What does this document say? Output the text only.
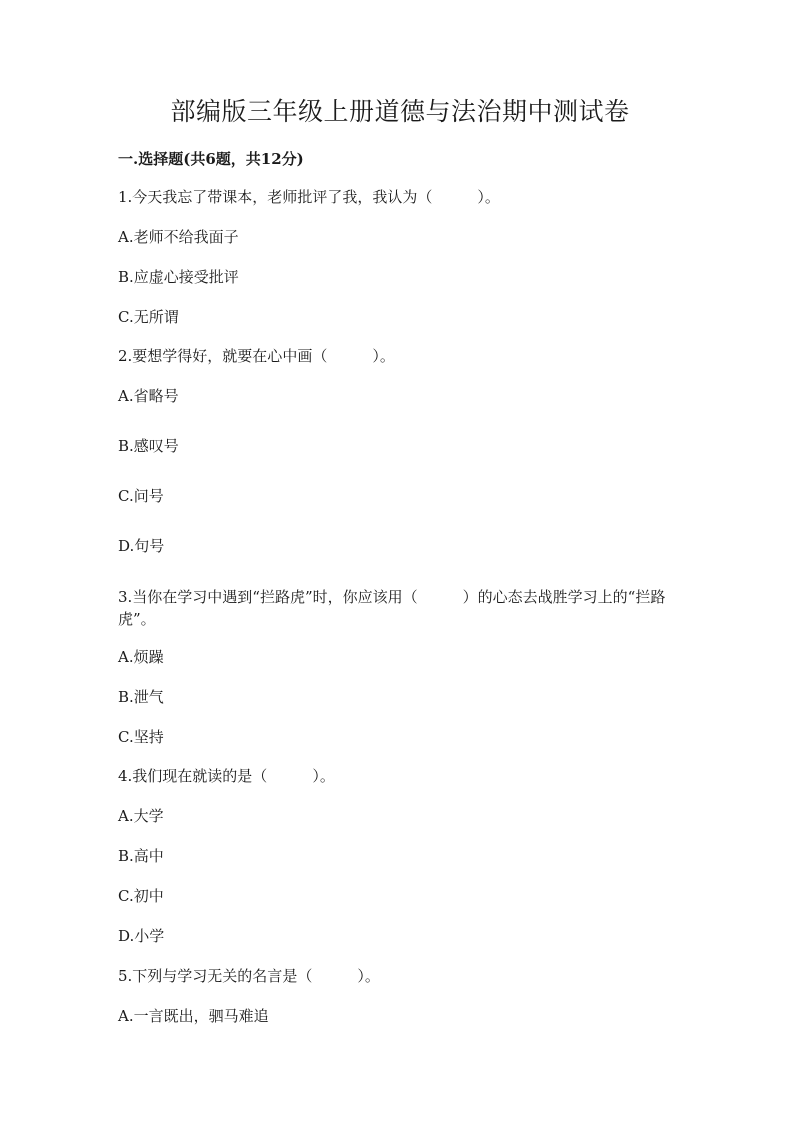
部编版三年级上册道德与法治期中测试卷
一.选择题(共6题，共12分)
1.今天我忘了带课本，老师批评了我，我认为（　　　）。
A.老师不给我面子
B.应虚心接受批评
C.无所谓
2.要想学得好，就要在心中画（　　　）。
A.省略号
B.感叹号
C.问号
D.句号
3.当你在学习中遇到“拦路虎”时，你应该用（　　　）的心态去战胜学习上的“拦路虎”。
A.烦躁
B.泄气
C.坚持
4.我们现在就读的是（　　　）。
A.大学
B.高中
C.初中
D.小学
5.下列与学习无关的名言是（　　　）。
A.一言既出，驷马难追
